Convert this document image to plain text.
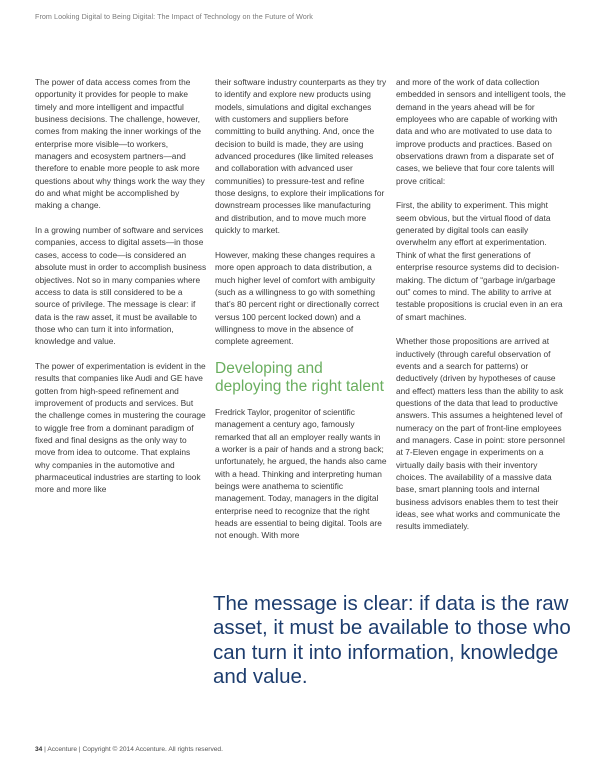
From Looking Digital to Being Digital: The Impact of Technology on the Future of Work

The power of data access comes from the opportunity it provides for people to make timely and more intelligent and impactful business decisions. The challenge, however, comes from making the inner workings of the enterprise more visible—to workers, managers and ecosystem partners—and therefore to enable more people to ask more questions about why things work the way they do and what might be accomplished by making a change.

In a growing number of software and services companies, access to digital assets—in those cases, access to code—is considered an absolute must in order to accomplish business objectives. Not so in many companies where access to data is still considered to be a source of privilege. The message is clear: if data is the raw asset, it must be available to those who can turn it into information, knowledge and value.

The power of experimentation is evident in the results that companies like Audi and GE have gotten from high-speed refinement and improvement of products and services. But the challenge comes in mustering the courage to wiggle free from a dominant paradigm of fixed and final designs as the only way to move from idea to outcome. That explains why companies in the automotive and pharmaceutical industries are starting to look more and more like

their software industry counterparts as they try to identify and explore new products using models, simulations and digital exchanges with customers and suppliers before committing to build anything. And, once the decision to build is made, they are using advanced procedures (like limited releases and collaboration with advanced user communities) to pressure-test and refine those designs, to explore their implications for downstream processes like manufacturing and distribution, and to move much more quickly to market.

However, making these changes requires a more open approach to data distribution, a much higher level of comfort with ambiguity (such as a willingness to go with something that’s 80 percent right or directionally correct versus 100 percent locked down) and a willingness to move in the absence of complete agreement.

Developing and deploying the right talent

Fredrick Taylor, progenitor of scientific management a century ago, famously remarked that all an employer really wants in a worker is a pair of hands and a strong back; unfortunately, he argued, the hands also came with a head. Thinking and interpreting human beings were anathema to scientific management. Today, managers in the digital enterprise need to recognize that the right heads are essential to being digital. Tools are not enough. With more

and more of the work of data collection embedded in sensors and intelligent tools, the demand in the years ahead will be for employees who are capable of working with data and who are motivated to use data to improve products and practices. Based on observations drawn from a disparate set of cases, we believe that four core talents will prove critical:

First, the ability to experiment. This might seem obvious, but the virtual flood of data generated by digital tools can easily overwhelm any effort at experimentation. Think of what the first generations of enterprise resource systems did to decision-making. The dictum of “garbage in/garbage out” comes to mind. The ability to arrive at testable propositions is crucial even in an era of smart machines.

Whether those propositions are arrived at inductively (through careful observation of events and a search for patterns) or deductively (driven by hypotheses of cause and effect) matters less than the ability to ask questions of the data that lead to productive answers. This assumes a heightened level of numeracy on the part of front-line employees and managers. Case in point: store personnel at 7-Eleven engage in experiments on a virtually daily basis with their inventory choices. The availability of a massive data base, smart planning tools and internal business advisors enables them to test their ideas, see what works and communicate the results immediately.

The message is clear: if data is the raw asset, it must be available to those who can turn it into information, knowledge and value.
34 | Accenture | Copyright © 2014 Accenture. All rights reserved.
